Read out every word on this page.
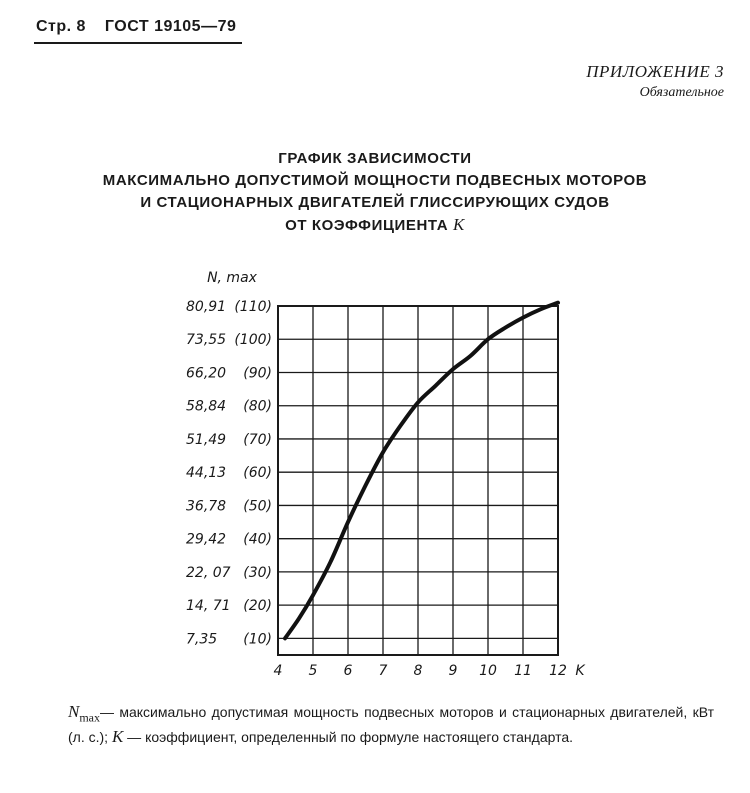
Стр. 8 ГОСТ 19105—79
ПРИЛОЖЕНИЕ 3
Обязательное
ГРАФИК ЗАВИСИМОСТИ
МАКСИМАЛЬНО ДОПУСТИМОЙ МОЩНОСТИ ПОДВЕСНЫХ МОТОРОВ
И СТАЦИОНАРНЫХ ДВИГАТЕЛЕЙ ГЛИССИРУЮЩИХ СУДОВ
ОТ КОЭФФИЦИЕНТА K
4 5 6 7 8 9 10 11 12 K
7,35 (10)
14, 71 (20)
22, 07 (30)
29,42 (40)
36,78 (50)
44,13 (60)
51,49 (70)
58,84 (80)
66,20 (90)
73,55 (100)
80,91 (110)
N, max
$N_{max}—$ максимально допустимая мощность подвесных моторов и стационарных двигателей, кВт (л. с.); K — коэффициент, определенный по формуле настоящего стандарта.
